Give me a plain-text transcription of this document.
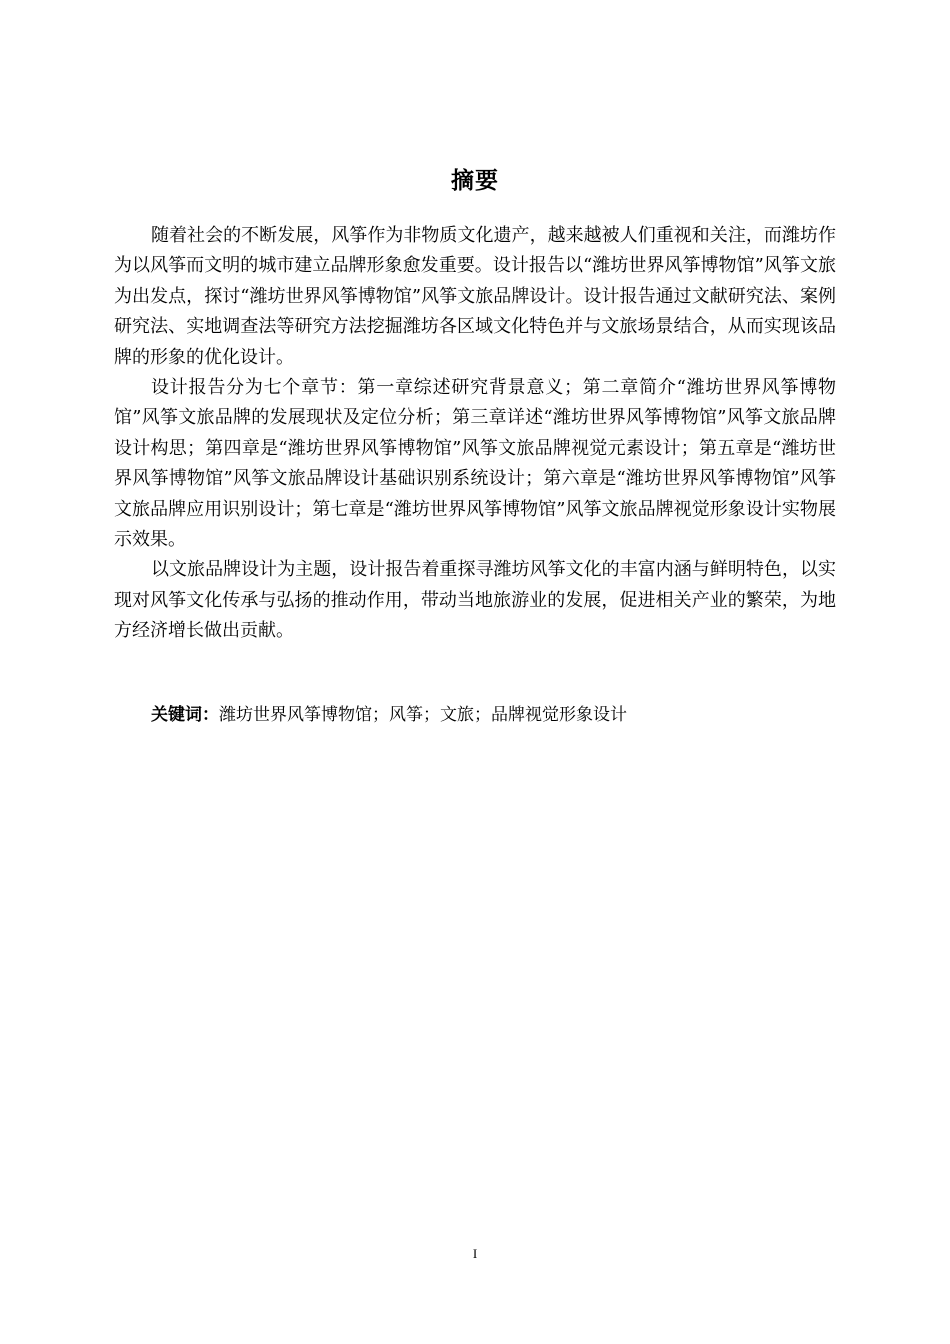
摘要

随着社会的不断发展，风筝作为非物质文化遗产，越来越被人们重视和关注，而潍坊作为以风筝而文明的城市建立品牌形象愈发重要。设计报告以“潍坊世界风筝博物馆”风筝文旅为出发点，探讨“潍坊世界风筝博物馆”风筝文旅品牌设计。设计报告通过文献研究法、案例研究法、实地调查法等研究方法挖掘潍坊各区域文化特色并与文旅场景结合，从而实现该品牌的形象的优化设计。

设计报告分为七个章节：第一章综述研究背景意义；第二章简介“潍坊世界风筝博物馆”风筝文旅品牌的发展现状及定位分析；第三章详述“潍坊世界风筝博物馆”风筝文旅品牌设计构思；第四章是“潍坊世界风筝博物馆”风筝文旅品牌视觉元素设计；第五章是“潍坊世界风筝博物馆”风筝文旅品牌设计基础识别系统设计；第六章是“潍坊世界风筝博物馆”风筝文旅品牌应用识别设计；第七章是“潍坊世界风筝博物馆”风筝文旅品牌视觉形象设计实物展示效果。

以文旅品牌设计为主题，设计报告着重探寻潍坊风筝文化的丰富内涵与鲜明特色，以实现对风筝文化传承与弘扬的推动作用，带动当地旅游业的发展，促进相关产业的繁荣，为地方经济增长做出贡献。

关键词：潍坊世界风筝博物馆；风筝；文旅；品牌视觉形象设计
I
